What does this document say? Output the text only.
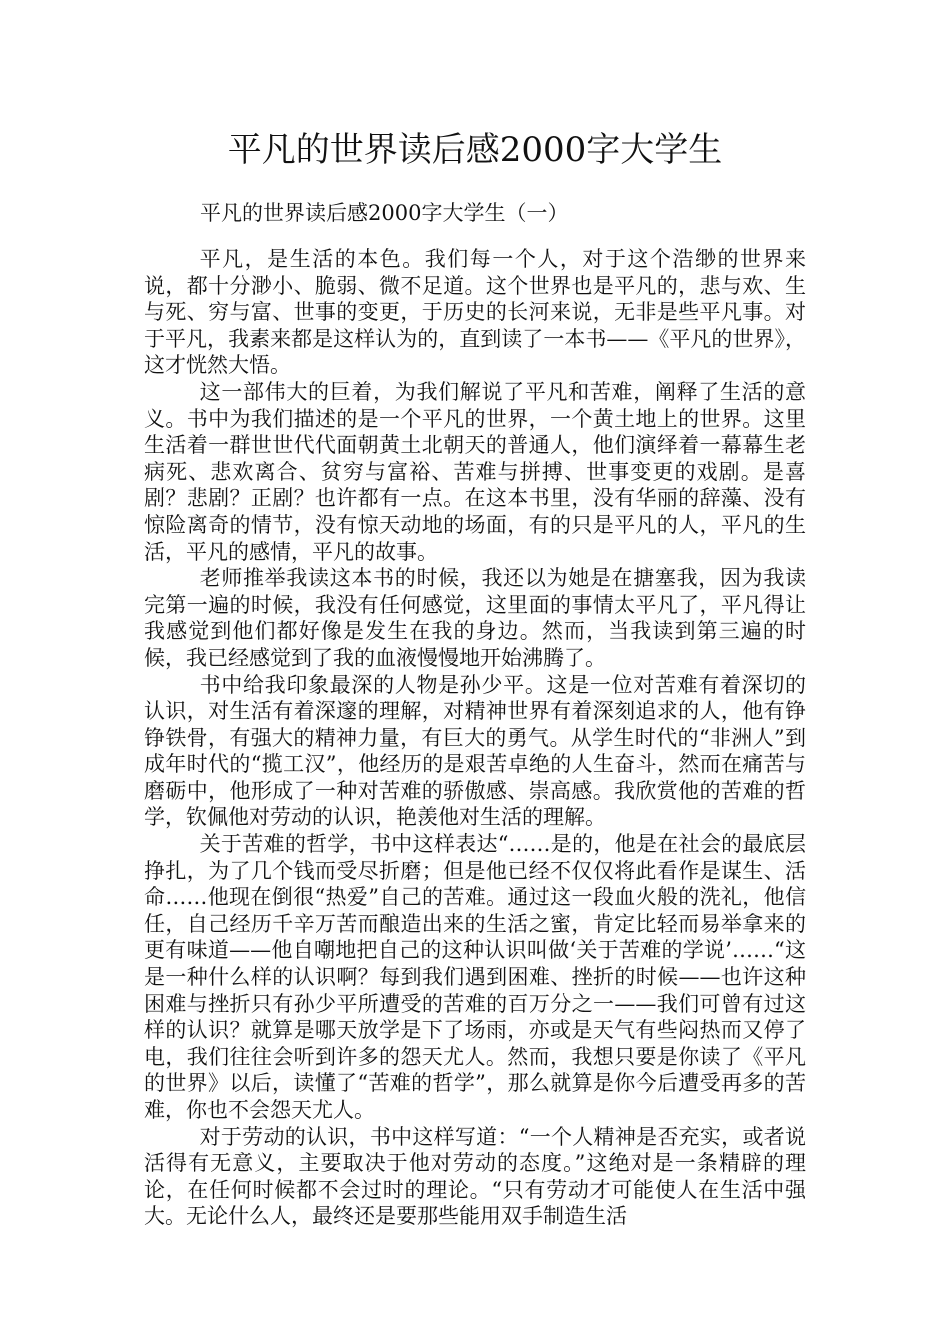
平凡的世界读后感2000字大学生
平凡的世界读后感2000字大学生（一）

平凡，是生活的本色。我们每一个人，对于这个浩缈的世界来说，都十分渺小、脆弱、微不足道。这个世界也是平凡的，悲与欢、生与死、穷与富、世事的变更，于历史的长河来说，无非是些平凡事。对于平凡，我素来都是这样认为的，直到读了一本书——《平凡的世界》，这才恍然大悟。

这一部伟大的巨着，为我们解说了平凡和苦难，阐释了生活的意义。书中为我们描述的是一个平凡的世界，一个黄土地上的世界。这里生活着一群世世代代面朝黄土北朝天的普通人，他们演绎着一幕幕生老病死、悲欢离合、贫穷与富裕、苦难与拼搏、世事变更的戏剧。是喜剧？悲剧？正剧？也许都有一点。在这本书里，没有华丽的辞藻、没有惊险离奇的情节，没有惊天动地的场面，有的只是平凡的人，平凡的生活，平凡的感情，平凡的故事。

老师推举我读这本书的时候，我还以为她是在搪塞我，因为我读完第一遍的时候，我没有任何感觉，这里面的事情太平凡了，平凡得让我感觉到他们都好像是发生在我的身边。然而，当我读到第三遍的时候，我已经感觉到了我的血液慢慢地开始沸腾了。

书中给我印象最深的人物是孙少平。这是一位对苦难有着深切的认识，对生活有着深邃的理解，对精神世界有着深刻追求的人，他有铮铮铁骨，有强大的精神力量，有巨大的勇气。从学生时代的“非洲人”到成年时代的“揽工汉”，他经历的是艰苦卓绝的人生奋斗，然而在痛苦与磨砺中，他形成了一种对苦难的骄傲感、崇高感。我欣赏他的苦难的哲学，钦佩他对劳动的认识，艳羡他对生活的理解。

关于苦难的哲学，书中这样表达“……是的，他是在社会的最底层挣扎，为了几个钱而受尽折磨；但是他已经不仅仅将此看作是谋生、活命……他现在倒很“热爱”自己的苦难。通过这一段血火般的洗礼，他信任，自己经历千辛万苦而酿造出来的生活之蜜，肯定比轻而易举拿来的更有味道——他自嘲地把自己的这种认识叫做‘关于苦难的学说’……“这是一种什么样的认识啊？每到我们遇到困难、挫折的时候——也许这种困难与挫折只有孙少平所遭受的苦难的百万分之一——我们可曾有过这样的认识？就算是哪天放学是下了场雨，亦或是天气有些闷热而又停了电，我们往往会听到许多的怨天尤人。然而，我想只要是你读了《平凡的世界》以后，读懂了“苦难的哲学”，那么就算是你今后遭受再多的苦难，你也不会怨天尤人。

对于劳动的认识，书中这样写道：“一个人精神是否充实，或者说活得有无意义，主要取决于他对劳动的态度。”这绝对是一条精辟的理论，在任何时候都不会过时的理论。“只有劳动才可能使人在生活中强大。无论什么人，最终还是要那些能用双手制造生活
